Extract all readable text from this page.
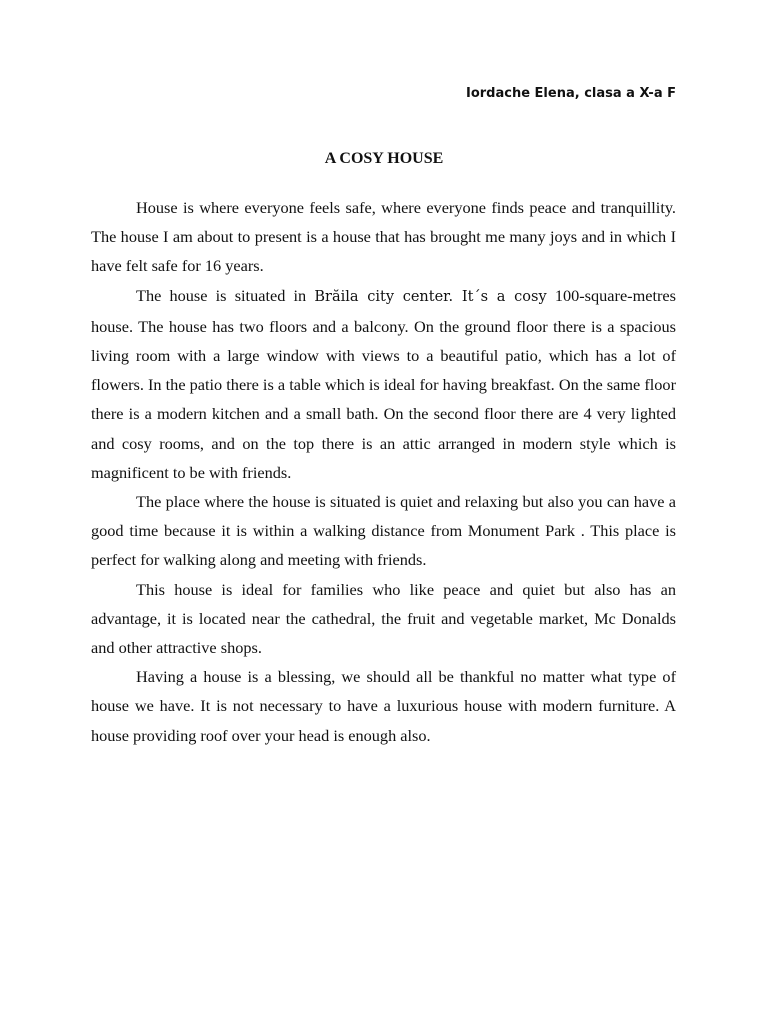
Iordache Elena, clasa a X-a F
A COSY HOUSE

House is where everyone feels safe, where everyone finds peace and tranquillity. The house I am about to present is a house that has brought me many joys and in which I have felt safe for 16 years.

The house is situated in Brăila city center. It´s a cosy 100-square-metres house. The house has two floors and a balcony. On the ground floor there is a spacious living room with a large window with views to a beautiful patio, which has a lot of flowers. In the patio there is a table which is ideal for having breakfast. On the same floor there is a modern kitchen and a small bath. On the second floor there are 4 very lighted and cosy rooms, and on the top there is an attic arranged in modern style which is magnificent to be with friends.

The place where the house is situated is quiet and relaxing but also you can have a good time because it is within a walking distance from Monument Park . This place is perfect for walking along and meeting with friends.

This house is ideal for families who like peace and quiet but also has an advantage, it is located near the cathedral, the fruit and vegetable market, Mc Donalds and other attractive shops.

Having a house is a blessing, we should all be thankful no matter what type of house we have. It is not necessary to have a luxurious house with modern furniture. A house providing roof over your head is enough also.
